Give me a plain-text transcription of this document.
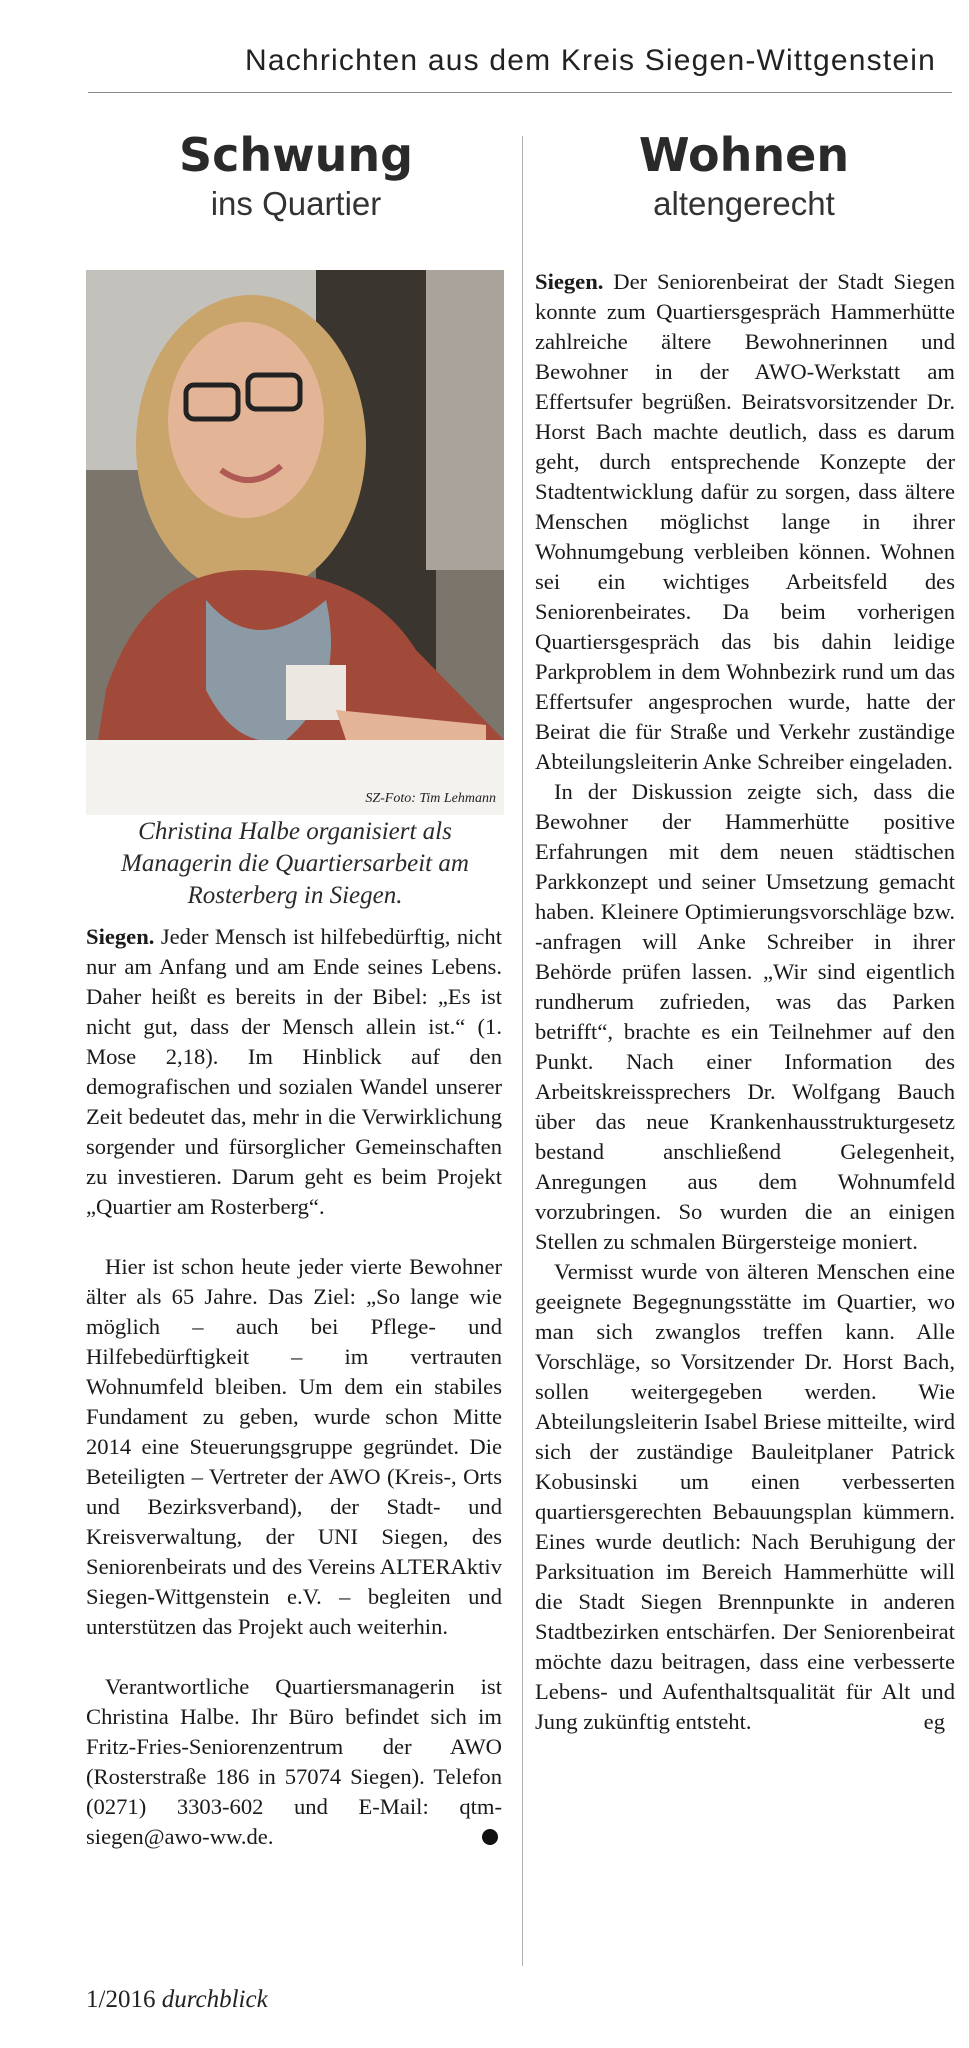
Nachrichten aus dem Kreis Siegen-Wittgenstein
Schwung
ins Quartier
Wohnen
altengerecht
SZ-Foto: Tim Lehmann
Christina Halbe organisiert als Managerin die Quartiersarbeit am Rosterberg in Siegen.

Siegen. Jeder Mensch ist hilfebedürftig, nicht nur am Anfang und am Ende seines Lebens. Daher heißt es bereits in der Bibel: „Es ist nicht gut, dass der Mensch allein ist.“ (1. Mose 2,18). Im Hinblick auf den demografischen und sozialen Wandel unserer Zeit bedeutet das, mehr in die Verwirklichung sorgender und fürsorglicher Gemeinschaften zu investieren. Darum geht es beim Projekt „Quartier am Rosterberg“.

Hier ist schon heute jeder vierte Bewohner älter als 65 Jahre. Das Ziel: „So lange wie möglich – auch bei Pflege- und Hilfebedürftigkeit – im vertrauten Wohnumfeld bleiben. Um dem ein stabiles Fundament zu geben, wurde schon Mitte 2014 eine Steuerungsgruppe gegründet. Die Beteiligten – Vertreter der AWO (Kreis-, Orts und Bezirksverband), der Stadt- und Kreisverwaltung, der UNI Siegen, des Seniorenbeirats und des Vereins ALTERAktiv Siegen-Wittgenstein e.V. – begleiten und unterstützen das Projekt auch weiterhin.

Verantwortliche Quartiersmanagerin ist Christina Halbe. Ihr Büro befindet sich im Fritz-Fries-Seniorenzentrum der AWO (Rosterstraße 186 in 57074 Siegen). Telefon (0271) 3303-602 und E-Mail: qtm-siegen@awo-ww.de.

Siegen. Der Seniorenbeirat der Stadt Siegen konnte zum Quartiersgespräch Hammerhütte zahlreiche ältere Bewohnerinnen und Bewohner in der AWO-Werkstatt am Effertsufer begrüßen. Beiratsvorsitzender Dr. Horst Bach machte deutlich, dass es darum geht, durch entsprechende Konzepte der Stadtentwicklung dafür zu sorgen, dass ältere Menschen möglichst lange in ihrer Wohnumgebung verbleiben können. Wohnen sei ein wichtiges Arbeitsfeld des Seniorenbeirates. Da beim vorherigen Quartiersgespräch das bis dahin leidige Parkproblem in dem Wohnbezirk rund um das Effertsufer angesprochen wurde, hatte der Beirat die für Straße und Verkehr zuständige Abteilungsleiterin Anke Schreiber eingeladen.

In der Diskussion zeigte sich, dass die Bewohner der Hammerhütte positive Erfahrungen mit dem neuen städtischen Parkkonzept und seiner Umsetzung gemacht haben. Kleinere Optimierungsvorschläge bzw. -anfragen will Anke Schreiber in ihrer Behörde prüfen lassen. „Wir sind eigentlich rundherum zufrieden, was das Parken betrifft“, brachte es ein Teilnehmer auf den Punkt. Nach einer Information des Arbeitskreissprechers Dr. Wolfgang Bauch über das neue Krankenhausstrukturgesetz bestand anschließend Gelegenheit, Anregungen aus dem Wohnumfeld vorzubringen. So wurden die an einigen Stellen zu schmalen Bürgersteige moniert.

Vermisst wurde von älteren Menschen eine geeignete Begegnungsstätte im Quartier, wo man sich zwanglos treffen kann. Alle Vorschläge, so Vorsitzender Dr. Horst Bach, sollen weitergegeben werden. Wie Abteilungsleiterin Isabel Briese mitteilte, wird sich der zuständige Bauleitplaner Patrick Kobusinski um einen verbesserten quartiersgerechten Bebauungsplan kümmern. Eines wurde deutlich: Nach Beruhigung der Parksituation im Bereich Hammerhütte will die Stadt Siegen Brennpunkte in anderen Stadtbezirken entschärfen. Der Seniorenbeirat möchte dazu beitragen, dass eine verbesserte Lebens- und Aufenthaltsqualität für Alt und Jung zukünftig entsteht.	eg

1/2016 durchblick
